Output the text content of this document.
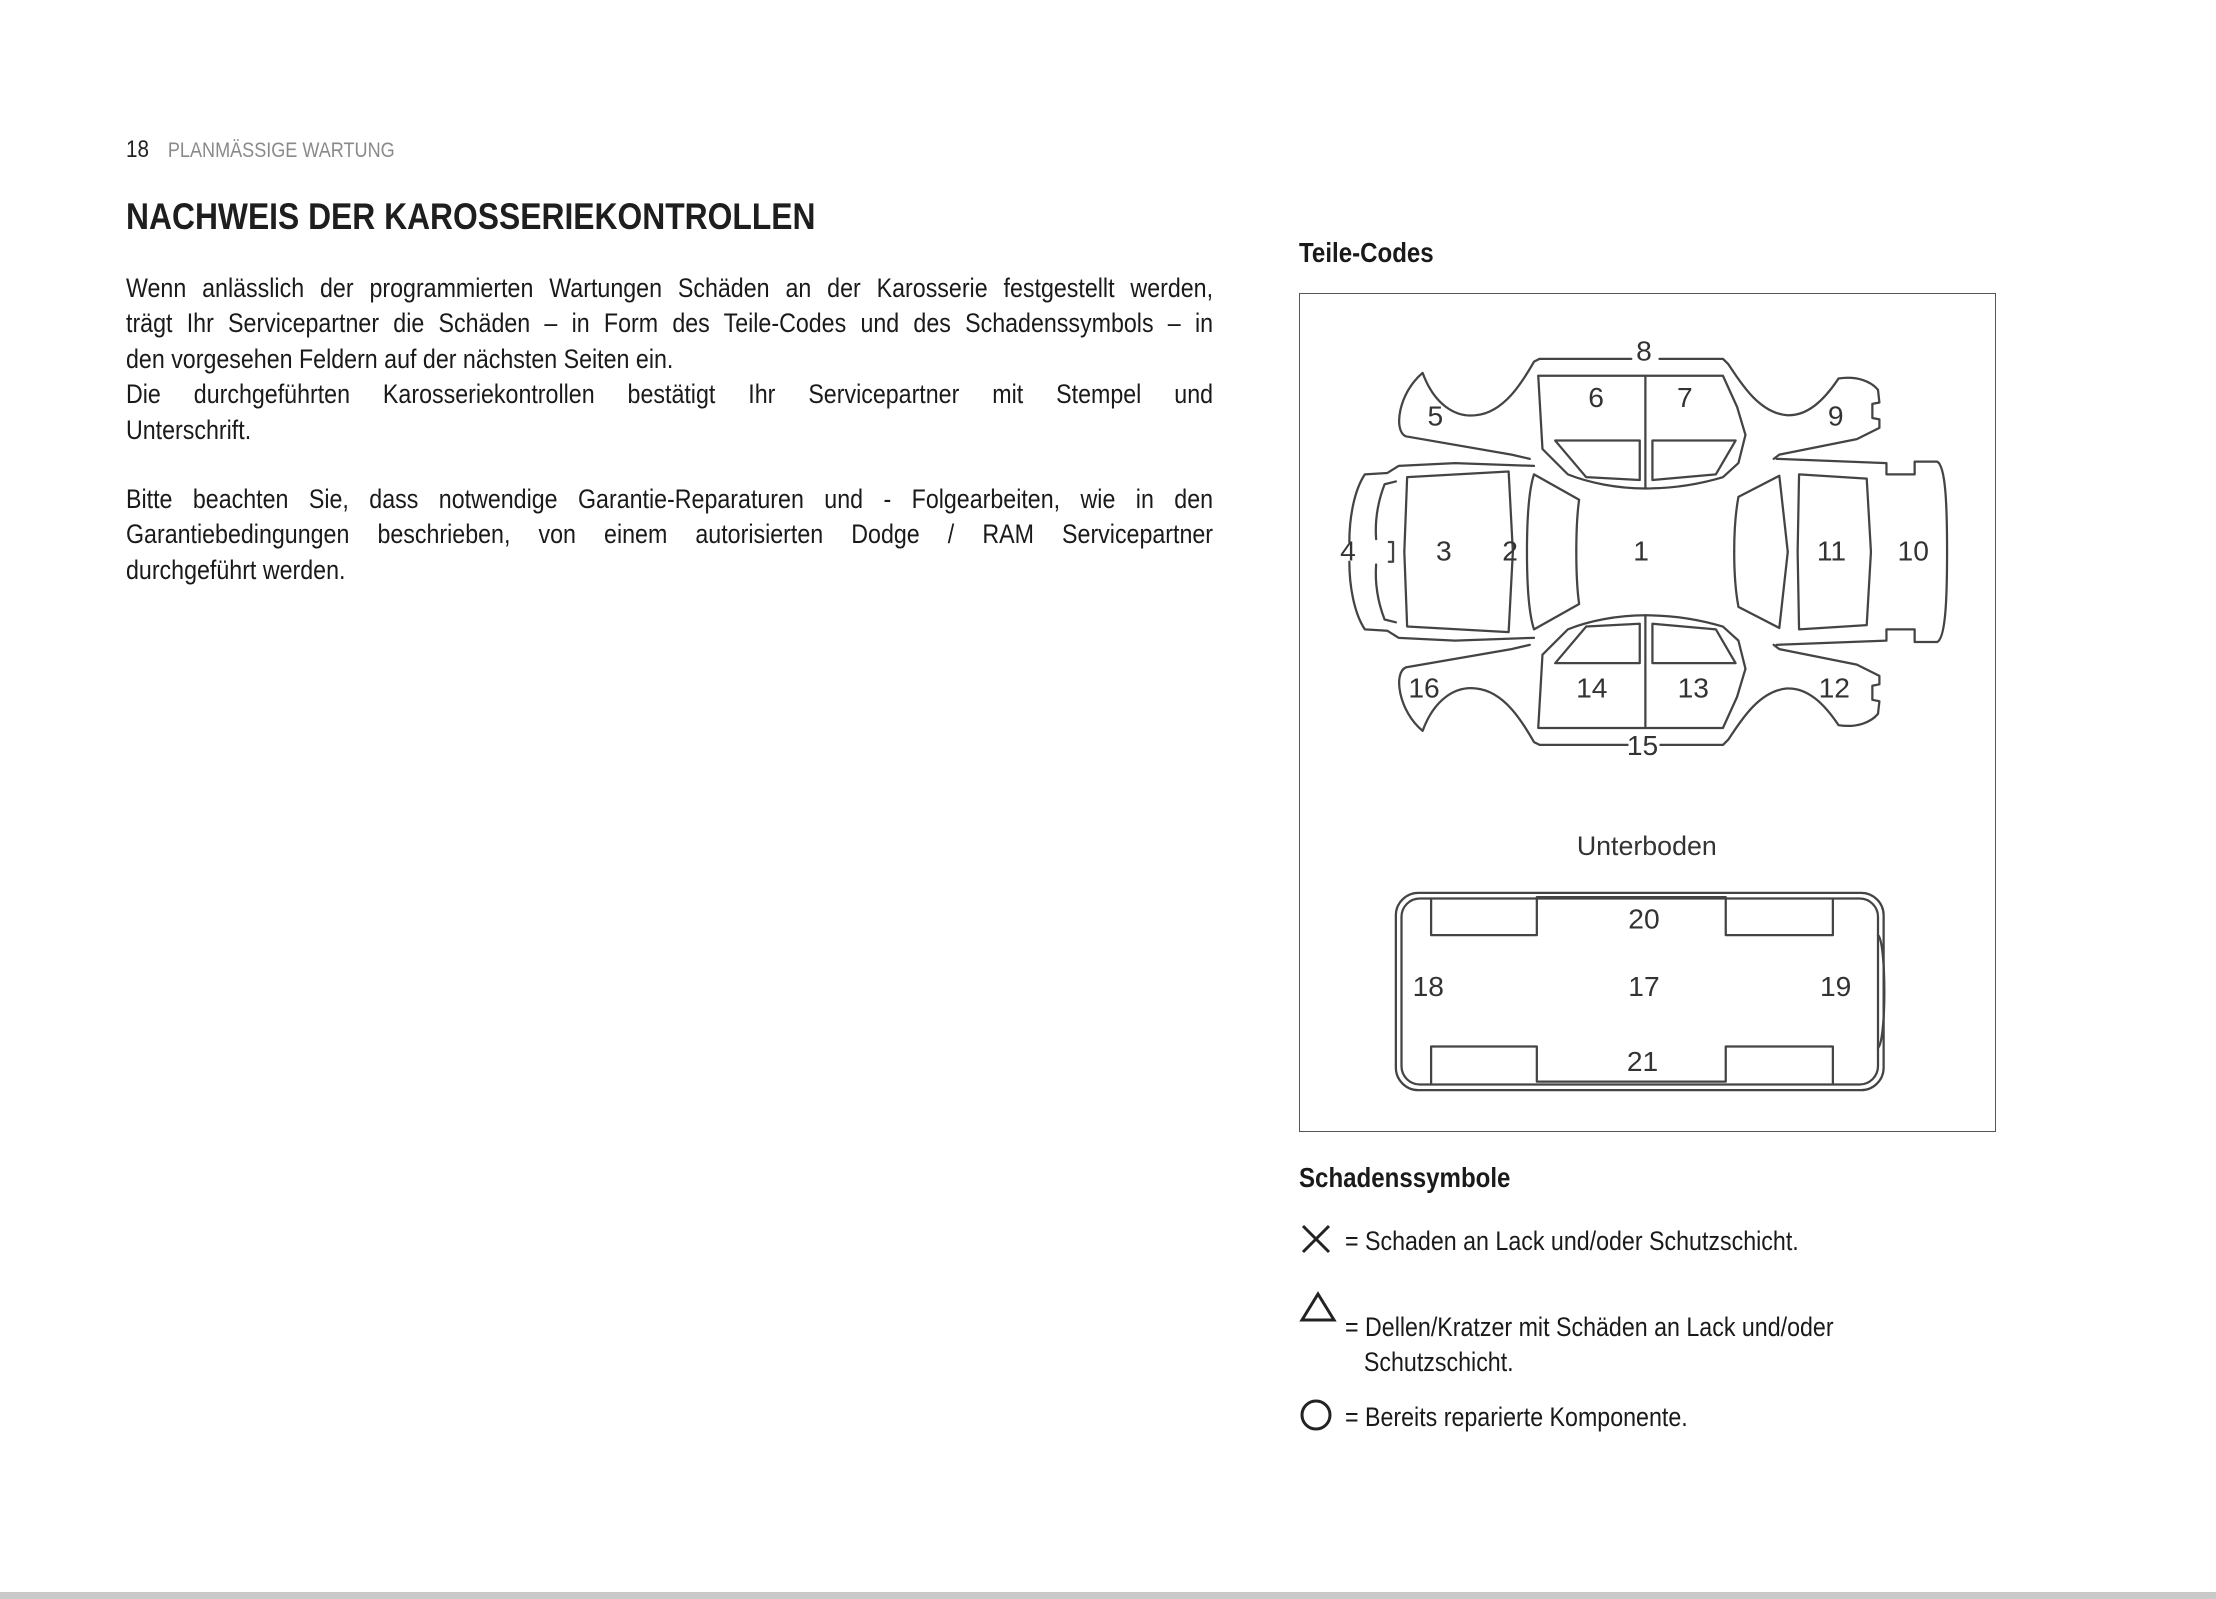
18 PLANMÄSSIGE WARTUNG
NACHWEIS DER KAROSSERIEKONTROLLEN
Wenn anlässlich der programmierten Wartungen Schäden an der Karosserie festgestellt werden,
trägt Ihr Servicepartner die Schäden – in Form des Teile-Codes und des Schadenssymbols – in
den vorgesehen Feldern auf der nächsten Seiten ein.
Die durchgeführten Karosseriekontrollen bestätigt Ihr Servicepartner mit Stempel und
Unterschrift.
Bitte beachten Sie, dass notwendige Garantie-Reparaturen und - Folgearbeiten, wie in den
Garantiebedingungen beschrieben, von einem autorisierten Dodge / RAM Servicepartner
durchgeführt werden.
Teile-Codes
8
6	7
5	9
4	3	2	1	11	10
16	14	13	12
15
Unterboden
20
18	17	19
21
Schadenssymbole
= Schaden an Lack und/oder Schutzschicht.
= Dellen/Kratzer mit Schäden an Lack und/oder
Schutzschicht.
= Bereits reparierte Komponente.
